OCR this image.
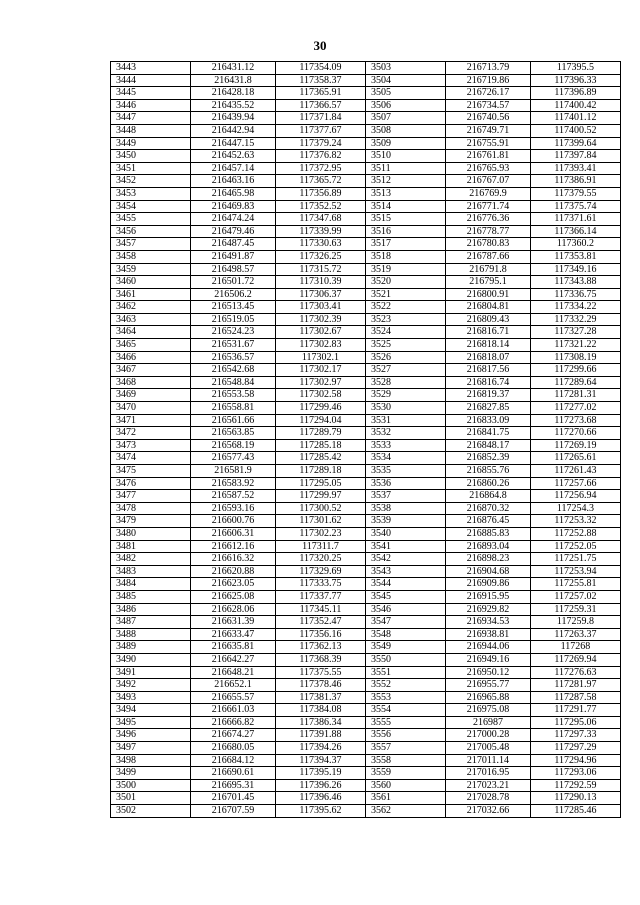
30
3443	216431.12	117354.09	3503	216713.79	117395.5
3444	216431.8	117358.37	3504	216719.86	117396.33
3445	216428.18	117365.91	3505	216726.17	117396.89
3446	216435.52	117366.57	3506	216734.57	117400.42
3447	216439.94	117371.84	3507	216740.56	117401.12
3448	216442.94	117377.67	3508	216749.71	117400.52
3449	216447.15	117379.24	3509	216755.91	117399.64
3450	216452.63	117376.82	3510	216761.81	117397.84
3451	216457.14	117372.95	3511	216765.93	117393.41
3452	216463.16	117365.72	3512	216767.07	117386.91
3453	216465.98	117356.89	3513	216769.9	117379.55
3454	216469.83	117352.52	3514	216771.74	117375.74
3455	216474.24	117347.68	3515	216776.36	117371.61
3456	216479.46	117339.99	3516	216778.77	117366.14
3457	216487.45	117330.63	3517	216780.83	117360.2
3458	216491.87	117326.25	3518	216787.66	117353.81
3459	216498.57	117315.72	3519	216791.8	117349.16
3460	216501.72	117310.39	3520	216795.1	117343.88
3461	216506.2	117306.37	3521	216800.91	117336.75
3462	216513.45	117303.41	3522	216804.81	117334.22
3463	216519.05	117302.39	3523	216809.43	117332.29
3464	216524.23	117302.67	3524	216816.71	117327.28
3465	216531.67	117302.83	3525	216818.14	117321.22
3466	216536.57	117302.1	3526	216818.07	117308.19
3467	216542.68	117302.17	3527	216817.56	117299.66
3468	216548.84	117302.97	3528	216816.74	117289.64
3469	216553.58	117302.58	3529	216819.37	117281.31
3470	216558.81	117299.46	3530	216827.85	117277.02
3471	216561.66	117294.04	3531	216833.09	117273.68
3472	216563.85	117289.79	3532	216841.75	117270.66
3473	216568.19	117285.18	3533	216848.17	117269.19
3474	216577.43	117285.42	3534	216852.39	117265.61
3475	216581.9	117289.18	3535	216855.76	117261.43
3476	216583.92	117295.05	3536	216860.26	117257.66
3477	216587.52	117299.97	3537	216864.8	117256.94
3478	216593.16	117300.52	3538	216870.32	117254.3
3479	216600.76	117301.62	3539	216876.45	117253.32
3480	216606.31	117302.23	3540	216885.83	117252.88
3481	216612.16	117311.7	3541	216893.04	117252.05
3482	216616.32	117320.25	3542	216898.23	117251.75
3483	216620.88	117329.69	3543	216904.68	117253.94
3484	216623.05	117333.75	3544	216909.86	117255.81
3485	216625.08	117337.77	3545	216915.95	117257.02
3486	216628.06	117345.11	3546	216929.82	117259.31
3487	216631.39	117352.47	3547	216934.53	117259.8
3488	216633.47	117356.16	3548	216938.81	117263.37
3489	216635.81	117362.13	3549	216944.06	117268
3490	216642.27	117368.39	3550	216949.16	117269.94
3491	216648.21	117375.55	3551	216950.12	117276.63
3492	216652.1	117378.46	3552	216955.77	117281.97
3493	216655.57	117381.37	3553	216965.88	117287.58
3494	216661.03	117384.08	3554	216975.08	117291.77
3495	216666.82	117386.34	3555	216987	117295.06
3496	216674.27	117391.88	3556	217000.28	117297.33
3497	216680.05	117394.26	3557	217005.48	117297.29
3498	216684.12	117394.37	3558	217011.14	117294.96
3499	216690.61	117395.19	3559	217016.95	117293.06
3500	216695.31	117396.26	3560	217023.21	117292.59
3501	216701.45	117396.46	3561	217028.78	117290.13
3502	216707.59	117395.62	3562	217032.66	117285.46
